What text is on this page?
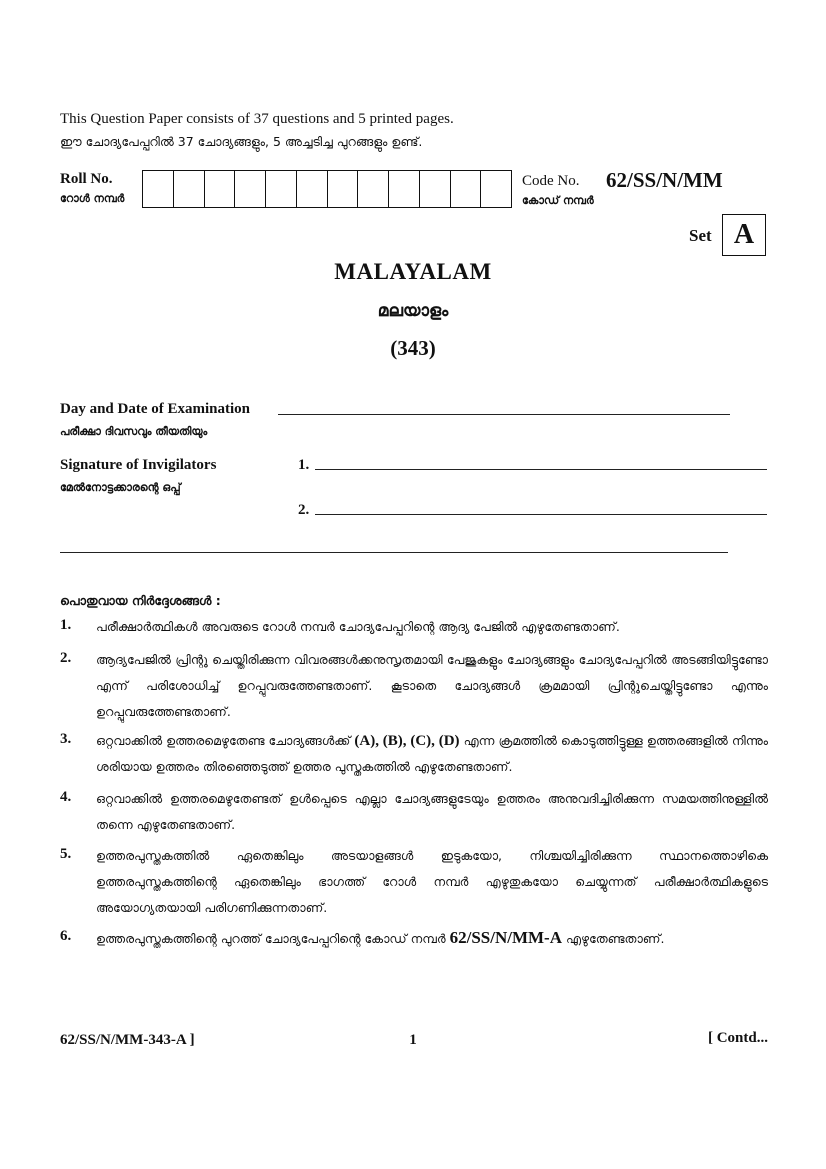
This Question Paper consists of 37 questions and 5 printed pages.
ഈ ചോദ്യപേപ്പറിൽ 37 ചോദ്യങ്ങളും, 5 അച്ചടിച്ച പുറങ്ങളും ഉണ്ട്.
Roll No.
റോൾ നമ്പർ
Code No. 62/SS/N/MM
കോഡ് നമ്പർ
Set A
MALAYALAM
മലയാളം
(343)
Day and Date of Examination
പരീക്ഷാ ദിവസവും തീയതിയും
Signature of Invigilators
മേൽനോട്ടക്കാരന്റെ ഒപ്പ്
1.
2.
പൊതുവായ നിർദ്ദേശങ്ങൾ :
1. പരീക്ഷാർത്ഥികൾ അവരുടെ റോൾ നമ്പർ ചോദ്യപേപ്പറിന്റെ ആദ്യ പേജിൽ എഴുതേണ്ടതാണ്.
2. ആദ്യപേജിൽ പ്രിന്റു ചെയ്തിരിക്കുന്ന വിവരങ്ങൾക്കനുസൃതമായി പേജുകളും ചോദ്യങ്ങളും ചോദ്യപേപ്പറിൽ അടങ്ങിയിട്ടുണ്ടോ എന്ന് പരിശോധിച്ച് ഉറപ്പുവരുത്തേണ്ടതാണ്. കൂടാതെ ചോദ്യങ്ങൾ ക്രമമായി പ്രിന്റുചെയ്തിട്ടുണ്ടോ എന്നും ഉറപ്പുവരുത്തേണ്ടതാണ്.
3. ഒറ്റവാക്കിൽ ഉത്തരമെഴുതേണ്ട ചോദ്യങ്ങൾക്ക് (A), (B), (C), (D) എന്ന ക്രമത്തിൽ കൊടുത്തിട്ടുള്ള ഉത്തരങ്ങളിൽ നിന്നും ശരിയായ ഉത്തരം തിരഞ്ഞെടുത്ത് ഉത്തര പുസ്തകത്തിൽ എഴുതേണ്ടതാണ്.
4. ഒറ്റവാക്കിൽ ഉത്തരമെഴുതേണ്ടത് ഉൾപ്പെടെ എല്ലാ ചോദ്യങ്ങളുടേയും ഉത്തരം അനുവദിച്ചിരിക്കുന്ന സമയത്തിനുള്ളിൽ തന്നെ എഴുതേണ്ടതാണ്.
5. ഉത്തരപുസ്തകത്തിൽ ഏതെങ്കിലും അടയാളങ്ങൾ ഇടുകയോ, നിശ്ചയിച്ചിരിക്കുന്ന സ്ഥാനത്തൊഴികെ ഉത്തരപുസ്തകത്തിന്റെ ഏതെങ്കിലും ഭാഗത്ത് റോൾ നമ്പർ എഴുതുകയോ ചെയ്യുന്നത് പരീക്ഷാർത്ഥികളുടെ അയോഗ്യതയായി പരിഗണിക്കുന്നതാണ്.
6. ഉത്തരപുസ്തകത്തിന്റെ പുറത്ത് ചോദ്യപേപ്പറിന്റെ കോഡ് നമ്പർ 62/SS/N/MM-A എഴുതേണ്ടതാണ്.
62/SS/N/MM-343-A ]	1	[ Contd...
